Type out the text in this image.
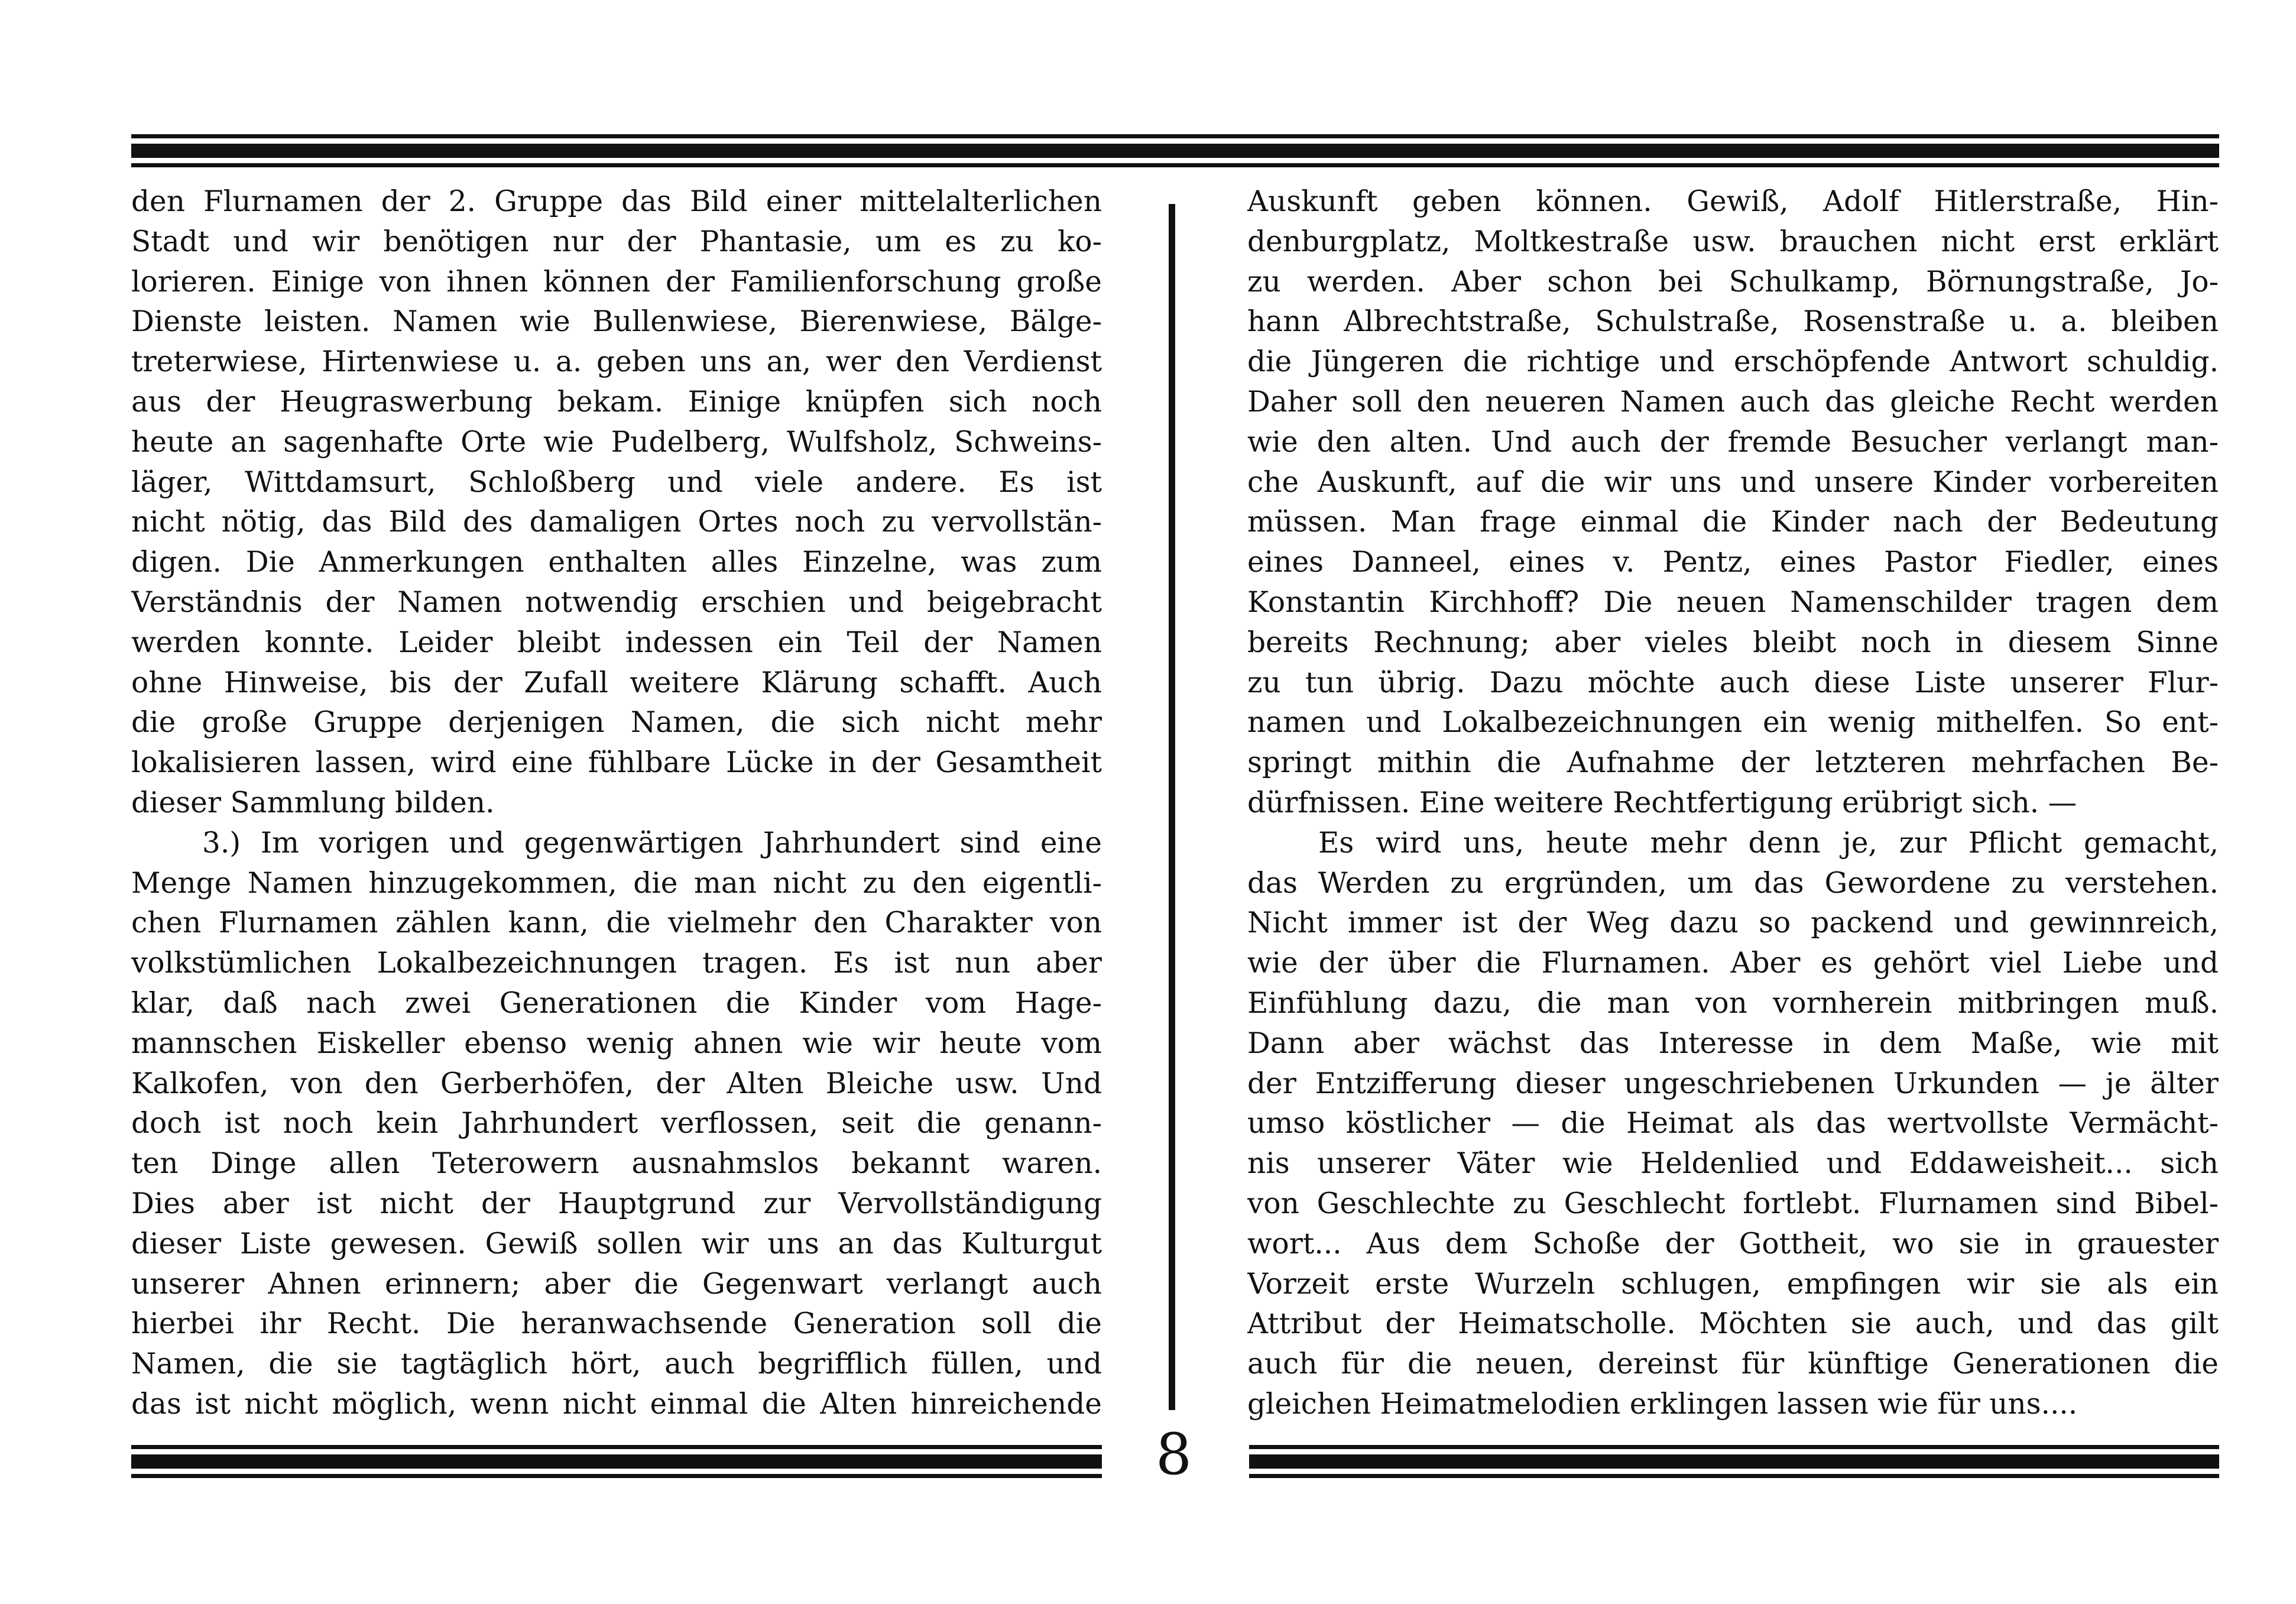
den Flurnamen der 2. Gruppe das Bild einer mittelalterlichen
Stadt und wir benötigen nur der Phantasie, um es zu ko-
lorieren. Einige von ihnen können der Familienforschung große
Dienste leisten. Namen wie Bullenwiese, Bierenwiese, Bälge-
treterwiese, Hirtenwiese u. a. geben uns an, wer den Verdienst
aus der Heugraswerbung bekam. Einige knüpfen sich noch
heute an sagenhafte Orte wie Pudelberg, Wulfsholz, Schweins-
läger, Wittdamsurt, Schloßberg und viele andere. Es ist
nicht nötig, das Bild des damaligen Ortes noch zu vervollstän-
digen. Die Anmerkungen enthalten alles Einzelne, was zum
Verständnis der Namen notwendig erschien und beigebracht
werden konnte. Leider bleibt indessen ein Teil der Namen
ohne Hinweise, bis der Zufall weitere Klärung schafft. Auch
die große Gruppe derjenigen Namen, die sich nicht mehr
lokalisieren lassen, wird eine fühlbare Lücke in der Gesamtheit
dieser Sammlung bilden.
3.) Im vorigen und gegenwärtigen Jahrhundert sind eine
Menge Namen hinzugekommen, die man nicht zu den eigentli-
chen Flurnamen zählen kann, die vielmehr den Charakter von
volkstümlichen Lokalbezeichnungen tragen. Es ist nun aber
klar, daß nach zwei Generationen die Kinder vom Hage-
mannschen Eiskeller ebenso wenig ahnen wie wir heute vom
Kalkofen, von den Gerberhöfen, der Alten Bleiche usw. Und
doch ist noch kein Jahrhundert verflossen, seit die genann-
ten Dinge allen Teterowern ausnahmslos bekannt waren.
Dies aber ist nicht der Hauptgrund zur Vervollständigung
dieser Liste gewesen. Gewiß sollen wir uns an das Kulturgut
unserer Ahnen erinnern; aber die Gegenwart verlangt auch
hierbei ihr Recht. Die heranwachsende Generation soll die
Namen, die sie tagtäglich hört, auch begrifflich füllen, und
das ist nicht möglich, wenn nicht einmal die Alten hinreichende
Auskunft geben können. Gewiß, Adolf Hitlerstraße, Hin-
denburgplatz, Moltkestraße usw. brauchen nicht erst erklärt
zu werden. Aber schon bei Schulkamp, Börnungstraße, Jo-
hann Albrechtstraße, Schulstraße, Rosenstraße u. a. bleiben
die Jüngeren die richtige und erschöpfende Antwort schuldig.
Daher soll den neueren Namen auch das gleiche Recht werden
wie den alten. Und auch der fremde Besucher verlangt man-
che Auskunft, auf die wir uns und unsere Kinder vorbereiten
müssen. Man frage einmal die Kinder nach der Bedeutung
eines Danneel, eines v. Pentz, eines Pastor Fiedler, eines
Konstantin Kirchhoff? Die neuen Namenschilder tragen dem
bereits Rechnung; aber vieles bleibt noch in diesem Sinne
zu tun übrig. Dazu möchte auch diese Liste unserer Flur-
namen und Lokalbezeichnungen ein wenig mithelfen. So ent-
springt mithin die Aufnahme der letzteren mehrfachen Be-
dürfnissen. Eine weitere Rechtfertigung erübrigt sich. —
Es wird uns, heute mehr denn je, zur Pflicht gemacht,
das Werden zu ergründen, um das Gewordene zu verstehen.
Nicht immer ist der Weg dazu so packend und gewinnreich,
wie der über die Flurnamen. Aber es gehört viel Liebe und
Einfühlung dazu, die man von vornherein mitbringen muß.
Dann aber wächst das Interesse in dem Maße, wie mit
der Entzifferung dieser ungeschriebenen Urkunden — je älter
umso köstlicher — die Heimat als das wertvollste Vermächt-
nis unserer Väter wie Heldenlied und Eddaweisheit... sich
von Geschlechte zu Geschlecht fortlebt. Flurnamen sind Bibel-
wort... Aus dem Schoße der Gottheit, wo sie in grauester
Vorzeit erste Wurzeln schlugen, empfingen wir sie als ein
Attribut der Heimatscholle. Möchten sie auch, und das gilt
auch für die neuen, dereinst für künftige Generationen die
gleichen Heimatmelodien erklingen lassen wie für uns....
8
